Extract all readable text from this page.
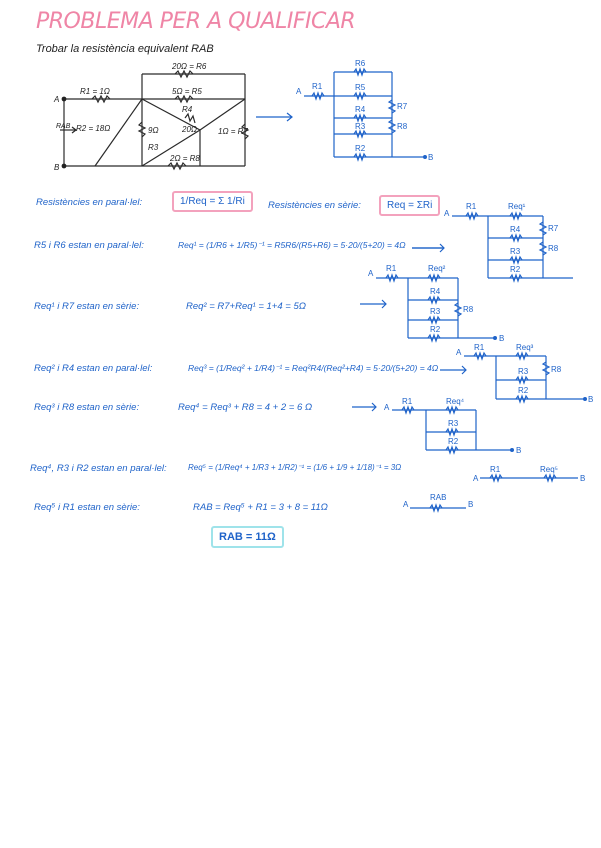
PROBLEMA PER A QUALIFICAR
Trobar la resistència equivalent RAB
A
B
R1 = 1Ω
R2 = 18Ω
RAB
20Ω = R6
5Ω = R5
9Ω
R3
R4
20Ω	1Ω = R7
2Ω = R8
A
B
R1
R6
R5
R4	R7
R3	R8
R2
Resistències en paral·lel:	1/Req = Σ 1/Ri	Resistències en sèrie:	Req = ΣRi
R5 i R6 estan en paral·lel:	Req¹ = (1/R6 + 1/R5)⁻¹ = R5R6/(R5+R6) = 5·20/(5+20) = 4Ω
A
R1	Req¹
R4	R7
R3	R8
R2
Req¹ i R7 estan en sèrie:	Req² = R7+Req¹ = 1+4 = 5Ω
A
R1	Req²
R4
R3	R8
R2
B
Req² i R4 estan en paral·lel:	Req³ = (1/Req² + 1/R4)⁻¹ = Req²R4/(Req²+R4) = 5·20/(5+20) = 4Ω
A
R1	Req³
R3	R8
R2
B
Req³ i R8 estan en sèrie:	Req⁴ = Req³ + R8 = 4 + 2 = 6 Ω	A
R1	Req⁴
R3
R2
B
Req⁴, R3 i R2 estan en paral·lel:	Req⁵ = (1/Req⁴ + 1/R3 + 1/R2)⁻¹ = (1/6 + 1/9 + 1/18)⁻¹ = 3Ω
A
R1	Req⁵
B
Req⁵ i R1 estan en sèrie:	RAB = Req⁵ + R1 = 3 + 8 = 11Ω	A
RAB
B
RAB = 11Ω
